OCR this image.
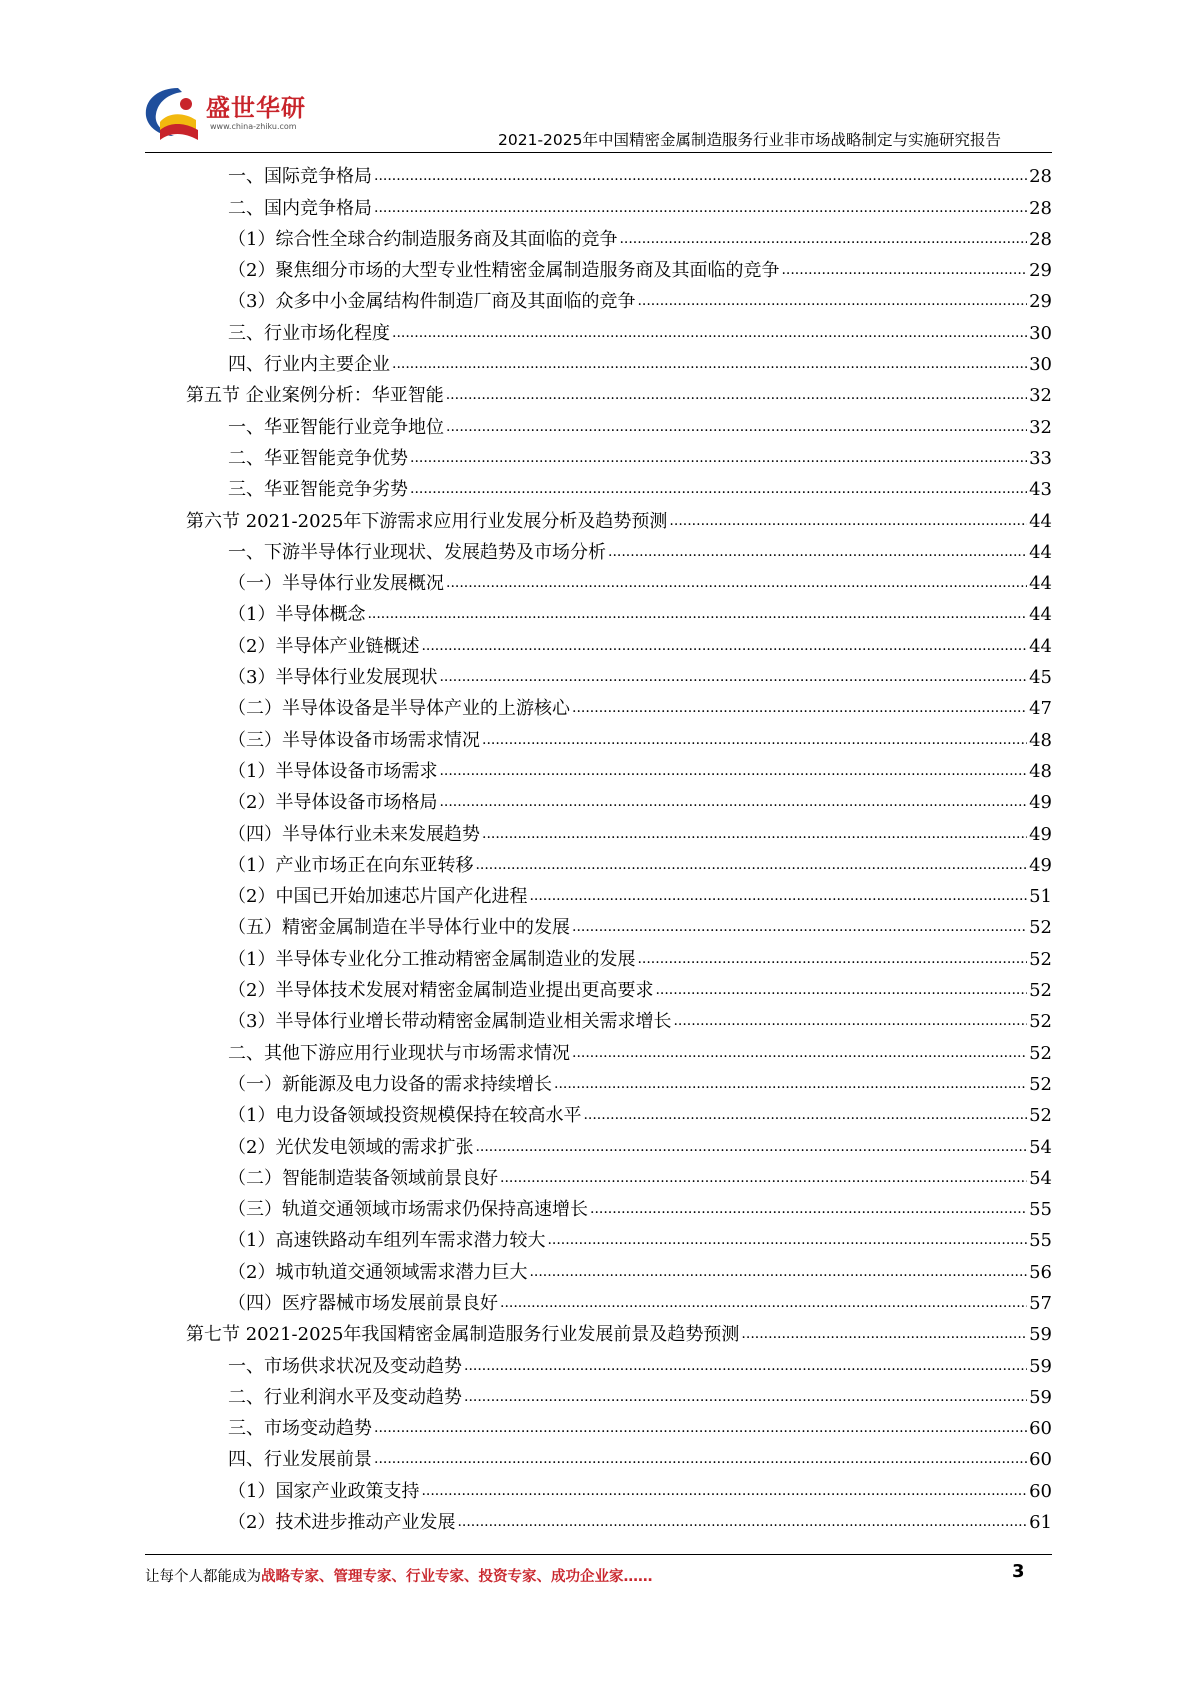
盛世华研
www.china-zhiku.com
2021-2025年中国精密金属制造服务行业非市场战略制定与实施研究报告
一、国际竞争格局 .....	28
二、国内竞争格局 .....	28
（1）综合性全球合约制造服务商及其面临的竞争 .....	28
（2）聚焦细分市场的大型专业性精密金属制造服务商及其面临的竞争 .....	29
（3）众多中小金属结构件制造厂商及其面临的竞争 .....	29
三、行业市场化程度 .....	30
四、行业内主要企业 .....	30
第五节 企业案例分析：华亚智能 .....	32
一、华亚智能行业竞争地位 .....	32
二、华亚智能竞争优势 .....	33
三、华亚智能竞争劣势 .....	43
第六节 2021-2025年下游需求应用行业发展分析及趋势预测 .....	44
一、下游半导体行业现状、发展趋势及市场分析 .....	44
（一）半导体行业发展概况 .....	44
（1）半导体概念 .....	44
（2）半导体产业链概述 .....	44
（3）半导体行业发展现状 .....	45
（二）半导体设备是半导体产业的上游核心 .....	47
（三）半导体设备市场需求情况 .....	48
（1）半导体设备市场需求 .....	48
（2）半导体设备市场格局 .....	49
（四）半导体行业未来发展趋势 .....	49
（1）产业市场正在向东亚转移 .....	49
（2）中国已开始加速芯片国产化进程 .....	51
（五）精密金属制造在半导体行业中的发展 .....	52
（1）半导体专业化分工推动精密金属制造业的发展 .....	52
（2）半导体技术发展对精密金属制造业提出更高要求 .....	52
（3）半导体行业增长带动精密金属制造业相关需求增长 .....	52
二、其他下游应用行业现状与市场需求情况 .....	52
（一）新能源及电力设备的需求持续增长 .....	52
（1）电力设备领域投资规模保持在较高水平 .....	52
（2）光伏发电领域的需求扩张 .....	54
（二）智能制造装备领域前景良好 .....	54
（三）轨道交通领域市场需求仍保持高速增长 .....	55
（1）高速铁路动车组列车需求潜力较大 .....	55
（2）城市轨道交通领域需求潜力巨大 .....	56
（四）医疗器械市场发展前景良好 .....	57
第七节 2021-2025年我国精密金属制造服务行业发展前景及趋势预测 .....	59
一、市场供求状况及变动趋势 .....	59
二、行业利润水平及变动趋势 .....	59
三、市场变动趋势 .....	60
四、行业发展前景 .....	60
（1）国家产业政策支持 .....	60
（2）技术进步推动产业发展 .....	61
让每个人都能成为战略专家、管理专家、行业专家、投资专家、成功企业家……	3
